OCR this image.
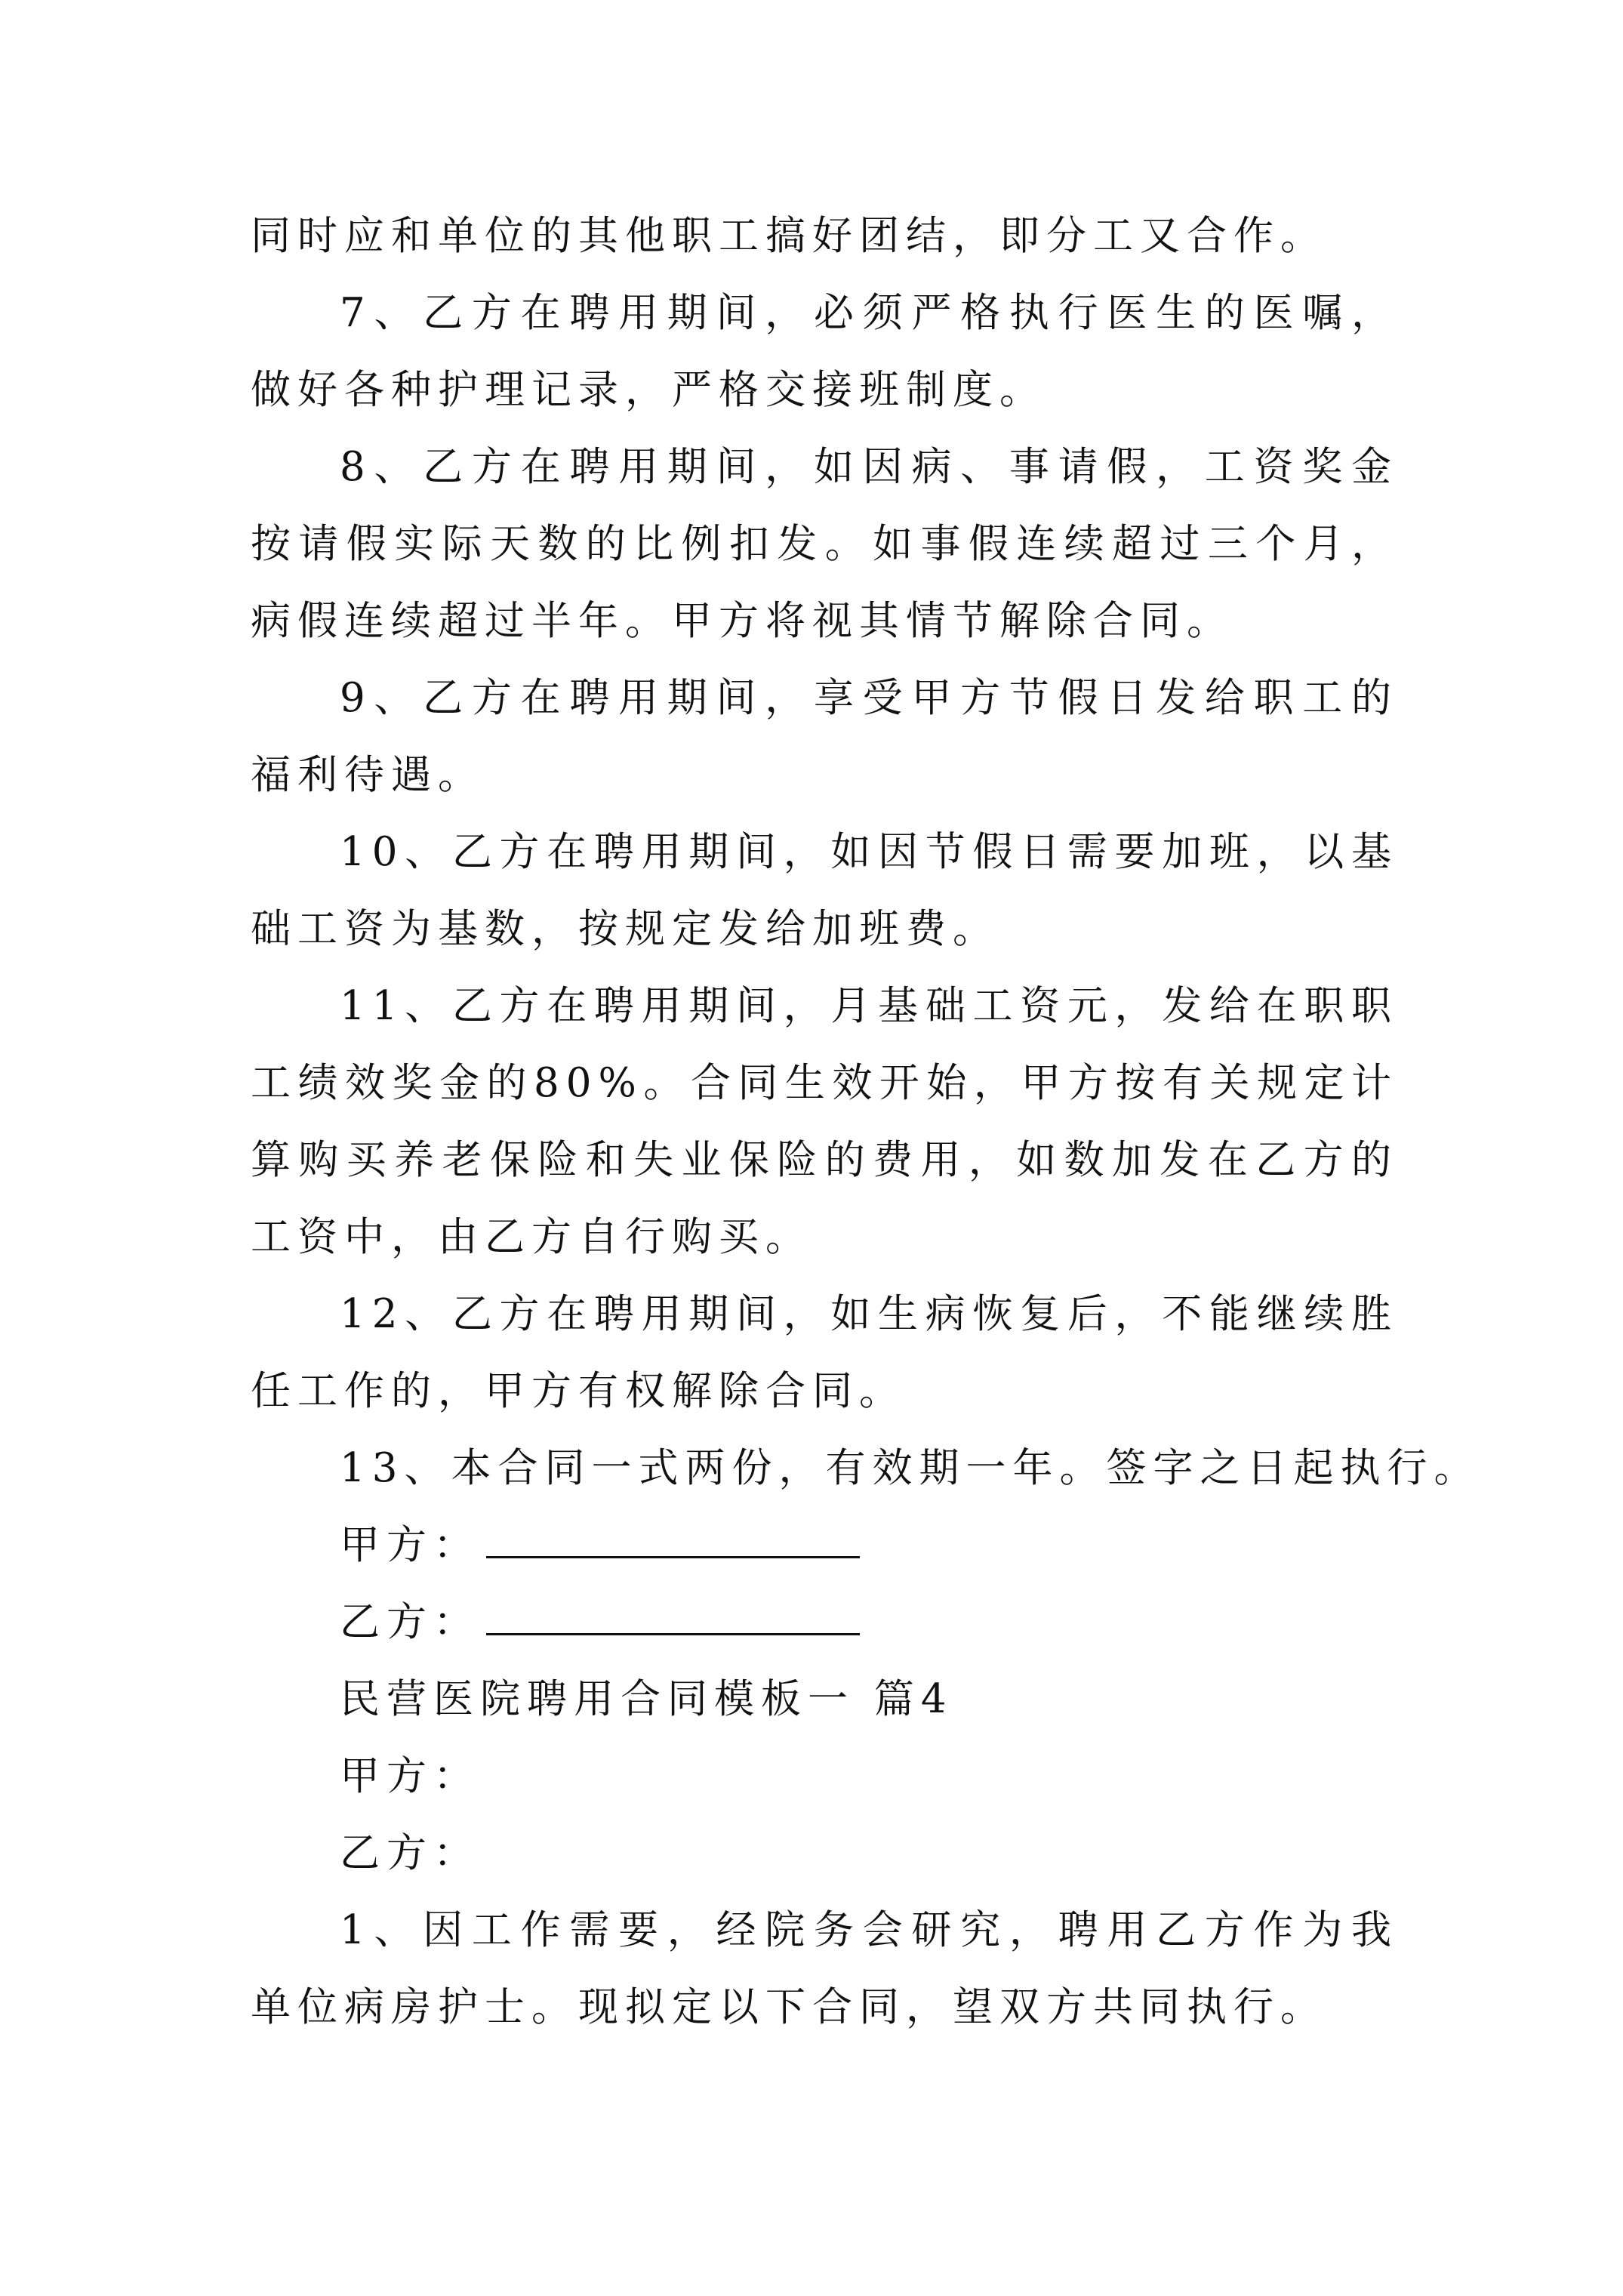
同时应和单位的其他职工搞好团结，即分工又合作。

7、乙方在聘用期间，必须严格执行医生的医嘱，做好各种护理记录，严格交接班制度。

8、乙方在聘用期间，如因病、事请假，工资奖金按请假实际天数的比例扣发。如事假连续超过三个月，病假连续超过半年。甲方将视其情节解除合同。

9、乙方在聘用期间，享受甲方节假日发给职工的福利待遇。

10、乙方在聘用期间，如因节假日需要加班，以基础工资为基数，按规定发给加班费。

11、乙方在聘用期间，月基础工资元，发给在职职工绩效奖金的80%。合同生效开始，甲方按有关规定计算购买养老保险和失业保险的费用，如数加发在乙方的工资中，由乙方自行购买。

12、乙方在聘用期间，如生病恢复后，不能继续胜任工作的，甲方有权解除合同。

13、本合同一式两份，有效期一年。签字之日起执行。

甲方：

乙方：

民营医院聘用合同模板一 篇4

甲方：

乙方：

1、因工作需要，经院务会研究，聘用乙方作为我单位病房护士。现拟定以下合同，望双方共同执行。
